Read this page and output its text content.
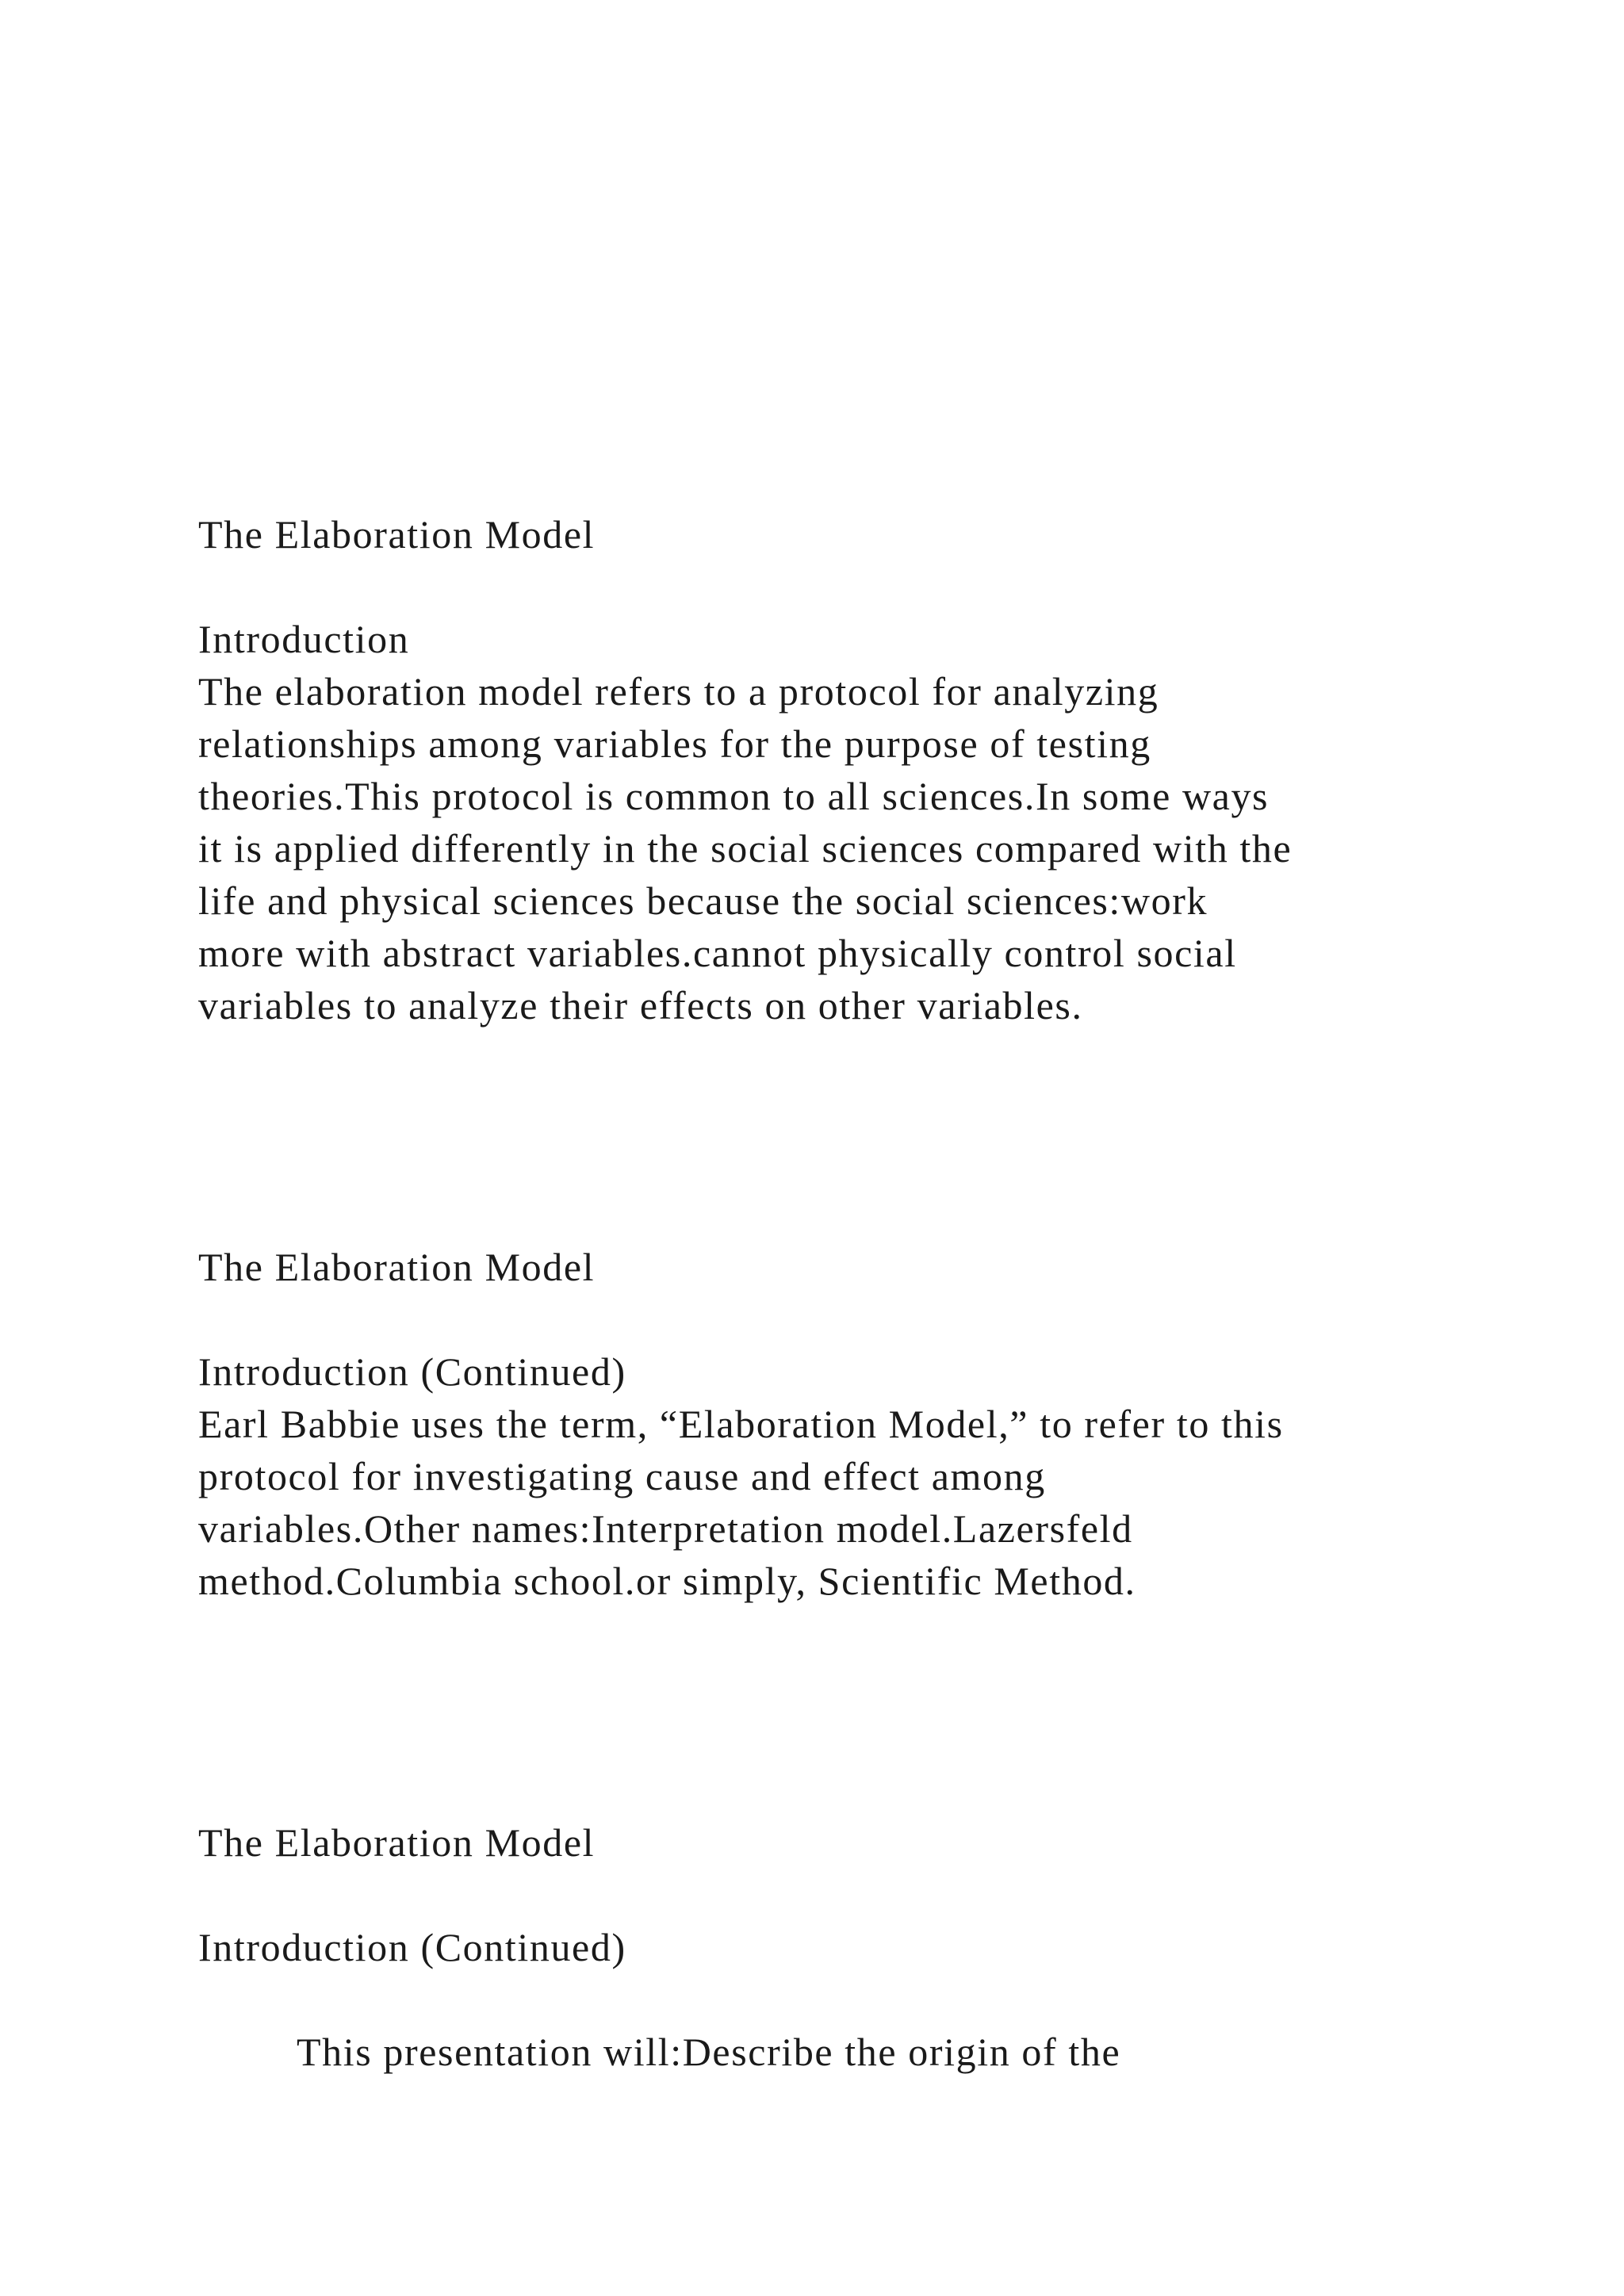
The Elaboration Model
Introduction
The elaboration model refers to a protocol for analyzing
relationships among variables for the purpose of testing
theories.This protocol is common to all sciences.In some ways
it is applied differently in the social sciences compared with the
life and physical sciences because the social sciences:work
more with abstract variables.cannot physically control social
variables to analyze their effects on other variables.
The Elaboration Model
Introduction (Continued)
Earl Babbie uses the term, “Elaboration Model,” to refer to this
protocol for investigating cause and effect among
variables.Other names:Interpretation model.Lazersfeld
method.Columbia school.or simply, Scientific Method.
The Elaboration Model
Introduction (Continued)
This presentation will:Describe the origin of the
